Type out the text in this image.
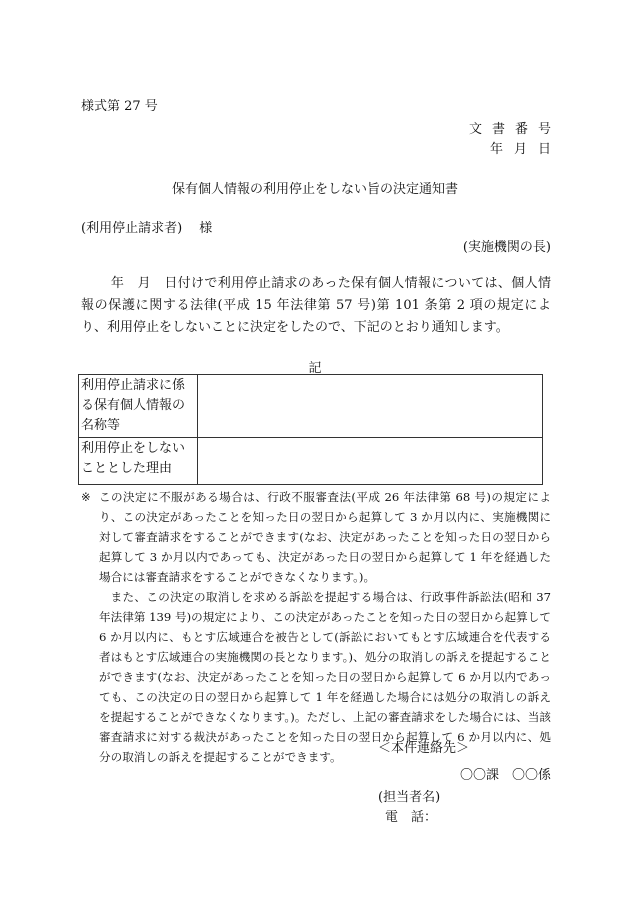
様式第 27 号
文書番号
年月日
保有個人情報の利用停止をしない旨の決定通知書
(利用停止請求者)　 様
(実施機関の長)
年　月　日付けで利用停止請求のあった保有個人情報については、個人情報の保護に関する法律(平成 15 年法律第 57 号)第 101 条第 2 項の規定により、利用停止をしないことに決定をしたので、下記のとおり通知します。
記
利用停止請求に係る保有個人情報の名称等	
利用停止をしないこととした理由	

※ この決定に不服がある場合は、行政不服審査法(平成 26 年法律第 68 号)の規定により、この決定があったことを知った日の翌日から起算して 3 か月以内に、実施機関に対して審査請求をすることができます(なお、決定があったことを知った日の翌日から起算して 3 か月以内であっても、決定があった日の翌日から起算して 1 年を経過した場合には審査請求をすることができなくなります。)。

また、この決定の取消しを求める訴訟を提起する場合は、行政事件訴訟法(昭和 37 年法律第 139 号)の規定により、この決定があったことを知った日の翌日から起算して 6 か月以内に、もとす広域連合を被告として(訴訟においてもとす広域連合を代表する者はもとす広域連合の実施機関の長となります。)、処分の取消しの訴えを提起することができます(なお、決定があったことを知った日の翌日から起算して 6 か月以内であっても、この決定の日の翌日から起算して 1 年を経過した場合には処分の取消しの訴えを提起することができなくなります。)。ただし、上記の審査請求をした場合には、当該審査請求に対する裁決があったことを知った日の翌日から起算して 6 か月以内に、処分の取消しの訴えを提起することができます。

＜本件連絡先＞
〇〇課　〇〇係
(担当者名)
電　話：
